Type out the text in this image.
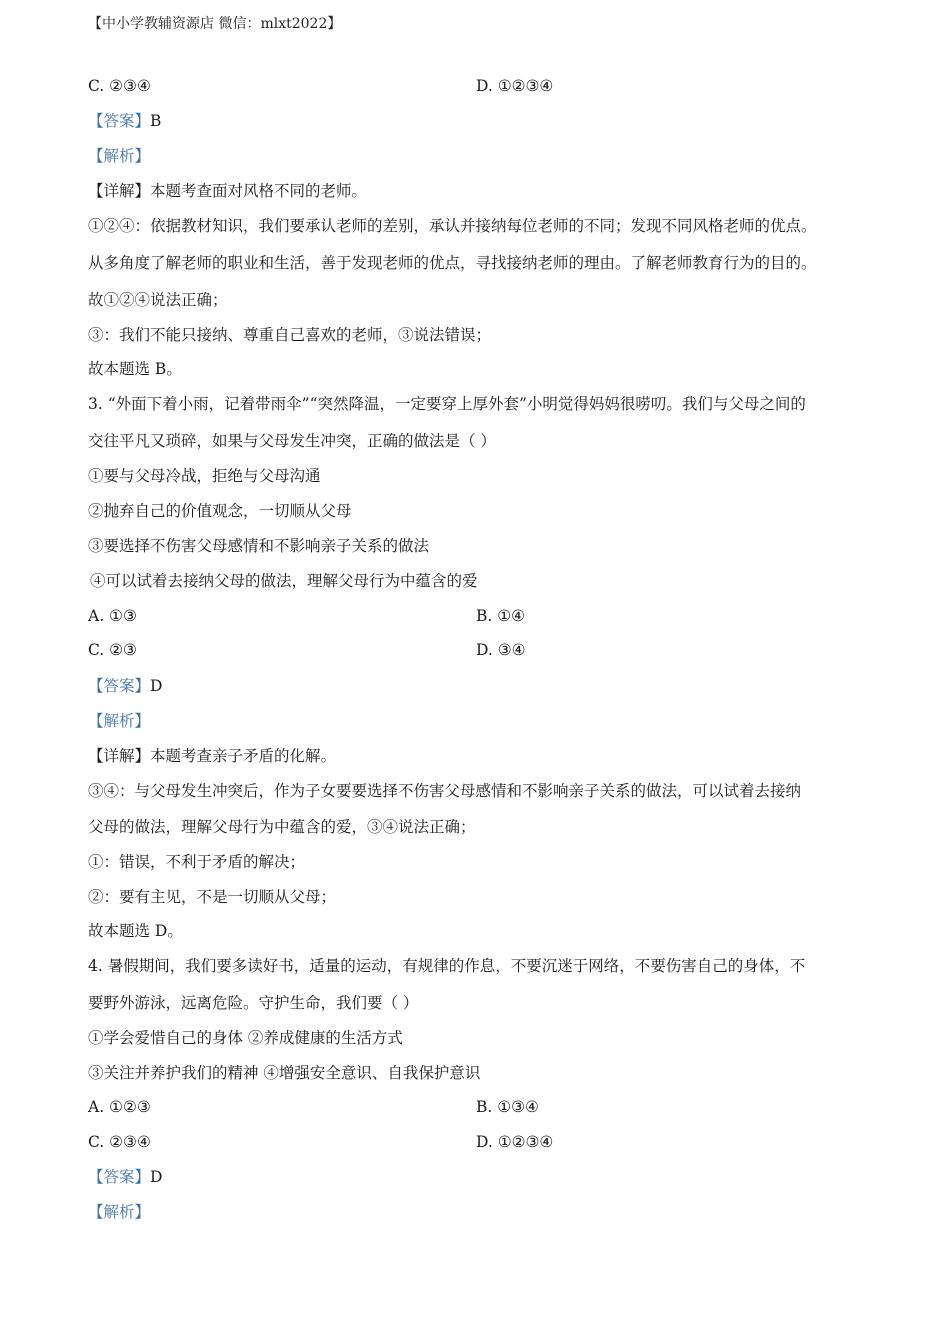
【中小学教辅资源店 微信：mlxt2022】
C. ②③④	D. ①②③④
【答案】B
【解析】
【详解】本题考查面对风格不同的老师。
①②④：依据教材知识，我们要承认老师的差别，承认并接纳每位老师的不同；发现不同风格老师的优点。
从多角度了解老师的职业和生活，善于发现老师的优点，寻找接纳老师的理由。了解老师教育行为的目的。
故①②④说法正确；
③：我们不能只接纳、尊重自己喜欢的老师，③说法错误；
故本题选 B。
3. “外面下着小雨，记着带雨伞”“突然降温，一定要穿上厚外套”小明觉得妈妈很唠叨。我们与父母之间的
交往平凡又琐碎，如果与父母发生冲突，正确的做法是（ ）
①要与父母冷战，拒绝与父母沟通
②抛弃自己的价值观念，一切顺从父母
③要选择不伤害父母感情和不影响亲子关系的做法
④可以试着去接纳父母的做法，理解父母行为中蕴含的爱
A. ①③	B. ①④
C. ②③	D. ③④
【答案】D
【解析】
【详解】本题考查亲子矛盾的化解。
③④：与父母发生冲突后，作为子女要要选择不伤害父母感情和不影响亲子关系的做法，可以试着去接纳
父母的做法，理解父母行为中蕴含的爱，③④说法正确；
①：错误，不利于矛盾的解决；
②：要有主见，不是一切顺从父母；
故本题选 D。
4. 暑假期间，我们要多读好书，适量的运动，有规律的作息，不要沉迷于网络，不要伤害自己的身体，不
要野外游泳，远离危险。守护生命，我们要（ ）
①学会爱惜自己的身体 ②养成健康的生活方式
③关注并养护我们的精神 ④增强安全意识、自我保护意识
A. ①②③	B. ①③④
C. ②③④	D. ①②③④
【答案】D
【解析】
